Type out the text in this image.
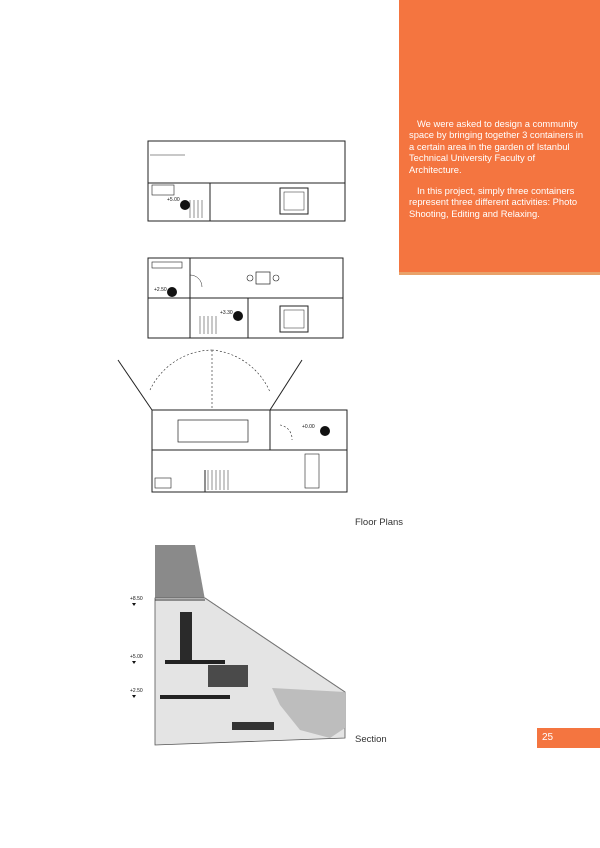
We were asked to design a community space by bringing together 3 containers in a certain area in the garden of Istanbul Technical University Faculty of Architecture.

In this project, simply three containers represent three different activities: Photo Shooting, Editing and Relaxing.

+5.00
+2.50
+3.30
+0.00
+8.50
+5.00
+2.50
Floor Plans
Section	25
